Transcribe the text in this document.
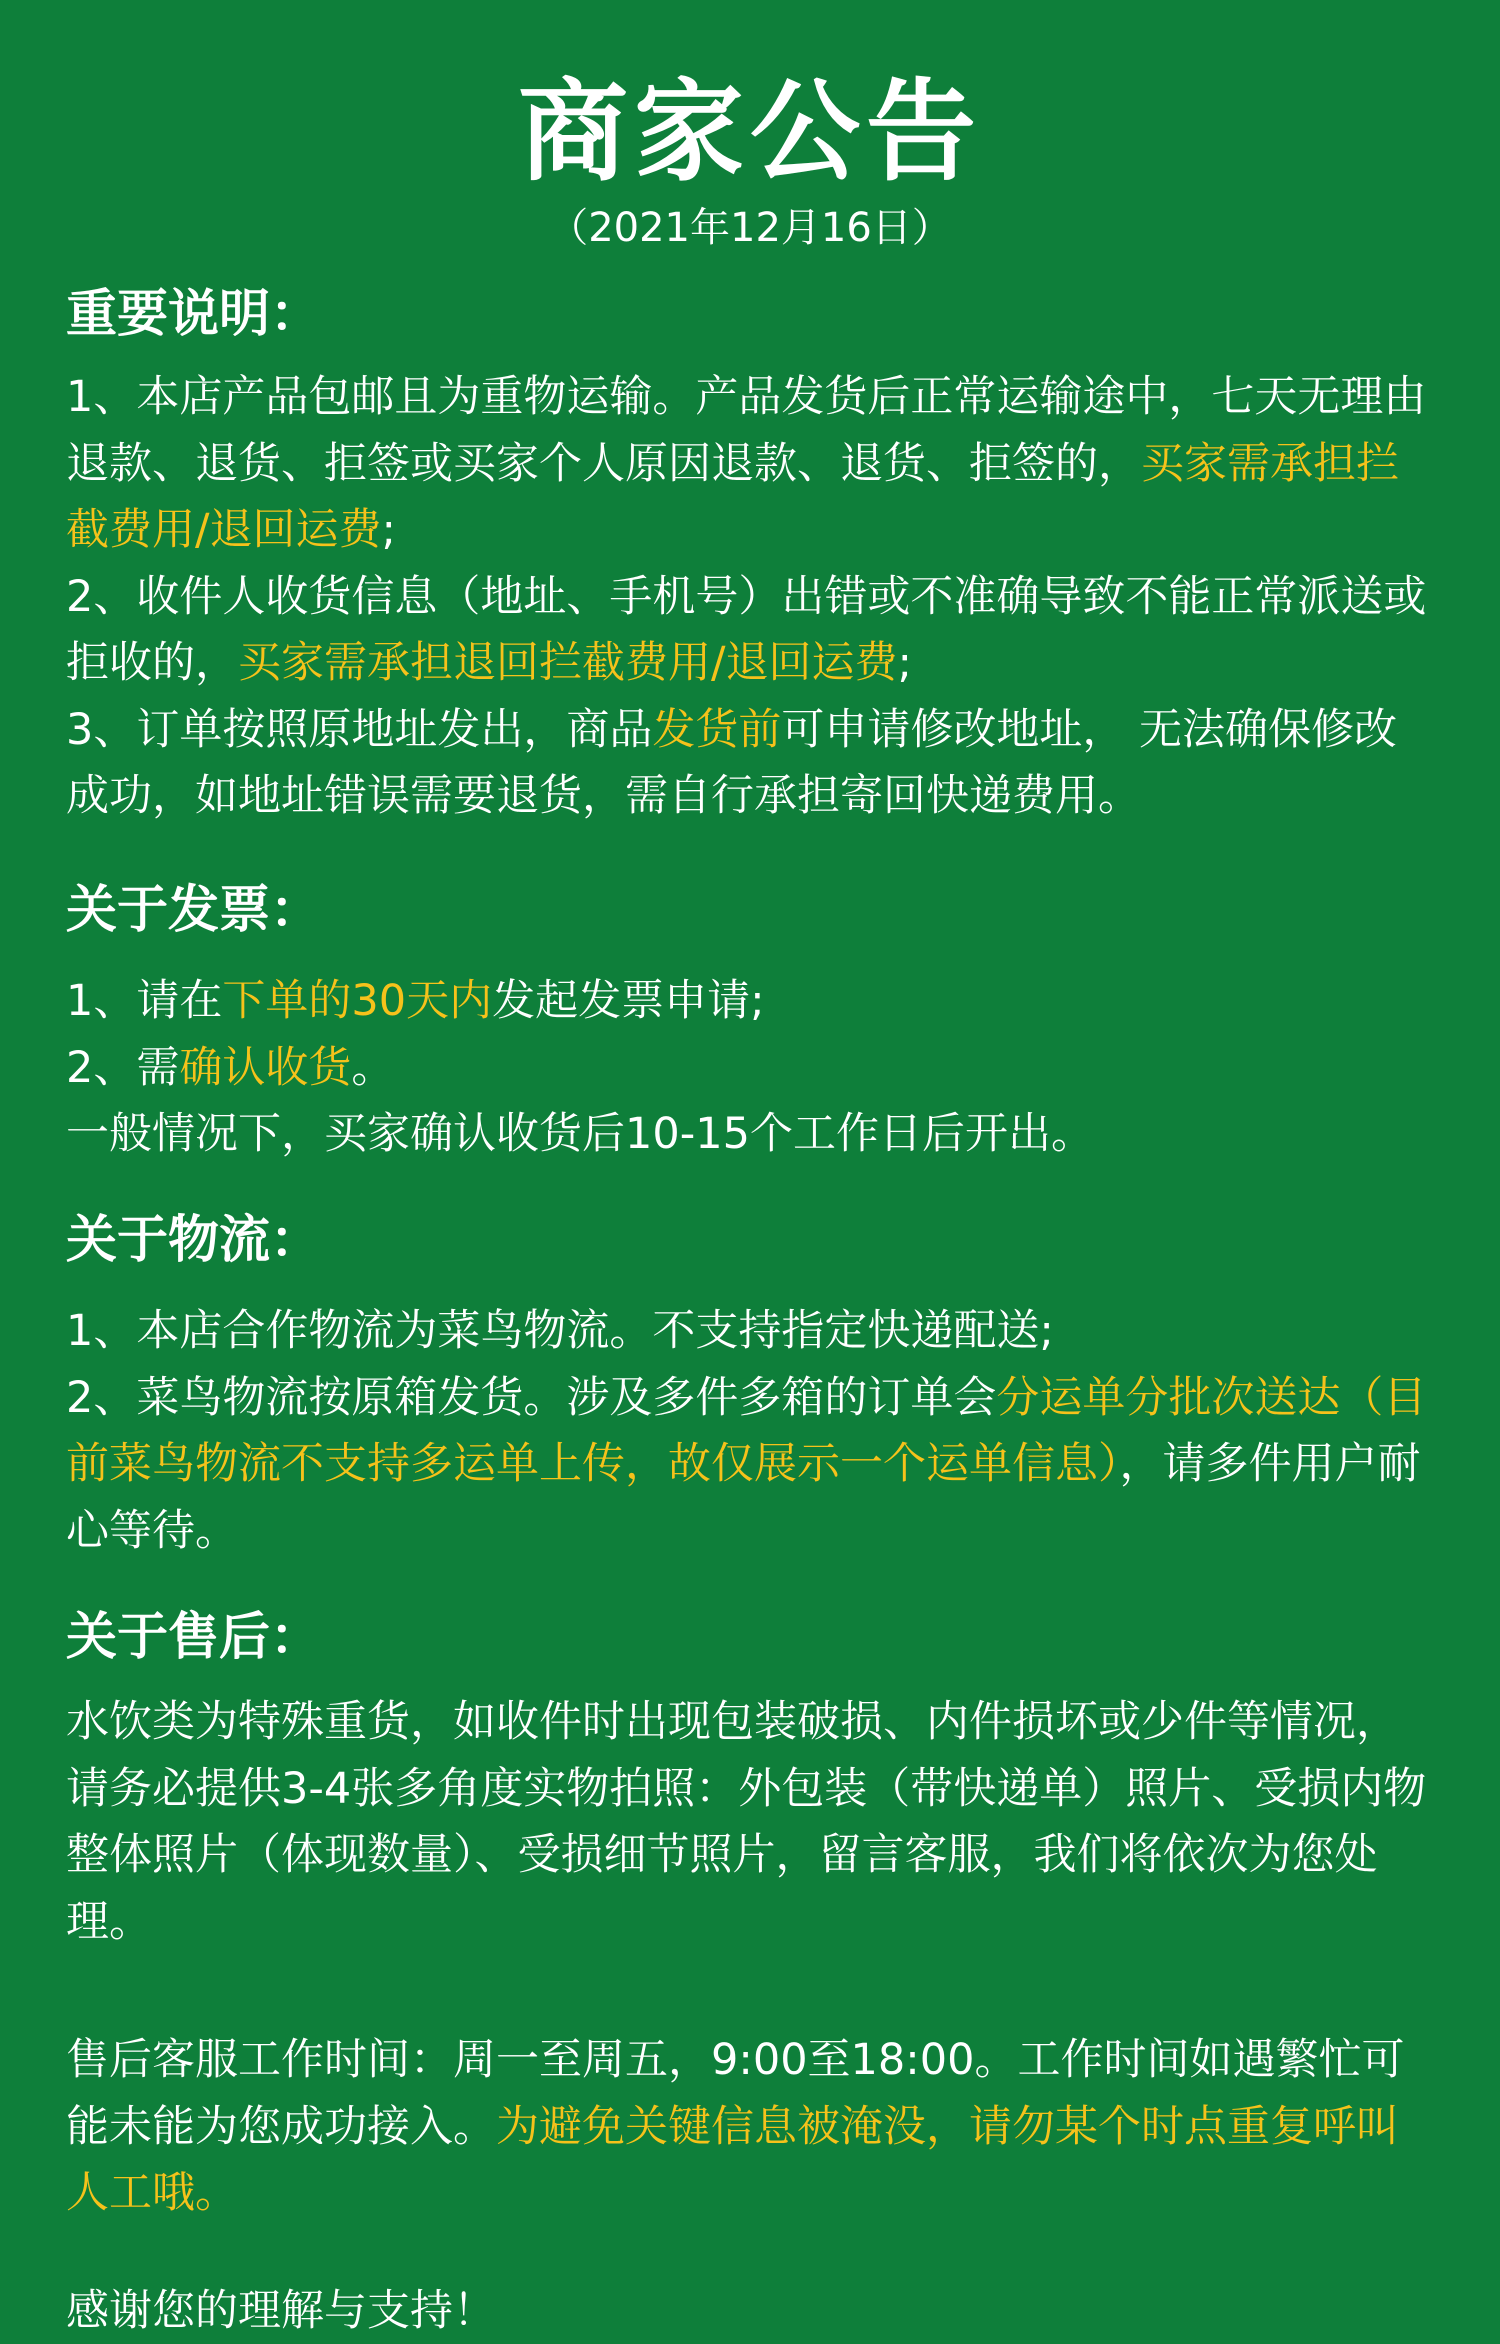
商家公告
（2021年12月16日）
重要说明：

1、本店产品包邮且为重物运输。产品发货后正常运输途中，七天无理由退款、退货、拒签或买家个人原因退款、退货、拒签的，买家需承担拦截费用/退回运费;

2、收件人收货信息（地址、手机号）出错或不准确导致不能正常派送或拒收的，买家需承担退回拦截费用/退回运费;

3、订单按照原地址发出，商品发货前可申请修改地址， 无法确保修改成功，如地址错误需要退货，需自行承担寄回快递费用。

关于发票：

1、请在下单的30天内发起发票申请;

2、需确认收货。

一般情况下，买家确认收货后10-15个工作日后开出。

关于物流：

1、本店合作物流为菜鸟物流。不支持指定快递配送;

2、菜鸟物流按原箱发货。涉及多件多箱的订单会分运单分批次送达（目前菜鸟物流不支持多运单上传，故仅展示一个运单信息），请多件用户耐心等待。

关于售后：

水饮类为特殊重货，如收件时出现包装破损、内件损坏或少件等情况，请务必提供3-4张多角度实物拍照：外包装（带快递单）照片、受损内物整体照片（体现数量）、受损细节照片，留言客服，我们将依次为您处理。

售后客服工作时间：周一至周五，9:00至18:00。工作时间如遇繁忙可能未能为您成功接入。为避免关键信息被淹没，请勿某个时点重复呼叫人工哦。

感谢您的理解与支持！
